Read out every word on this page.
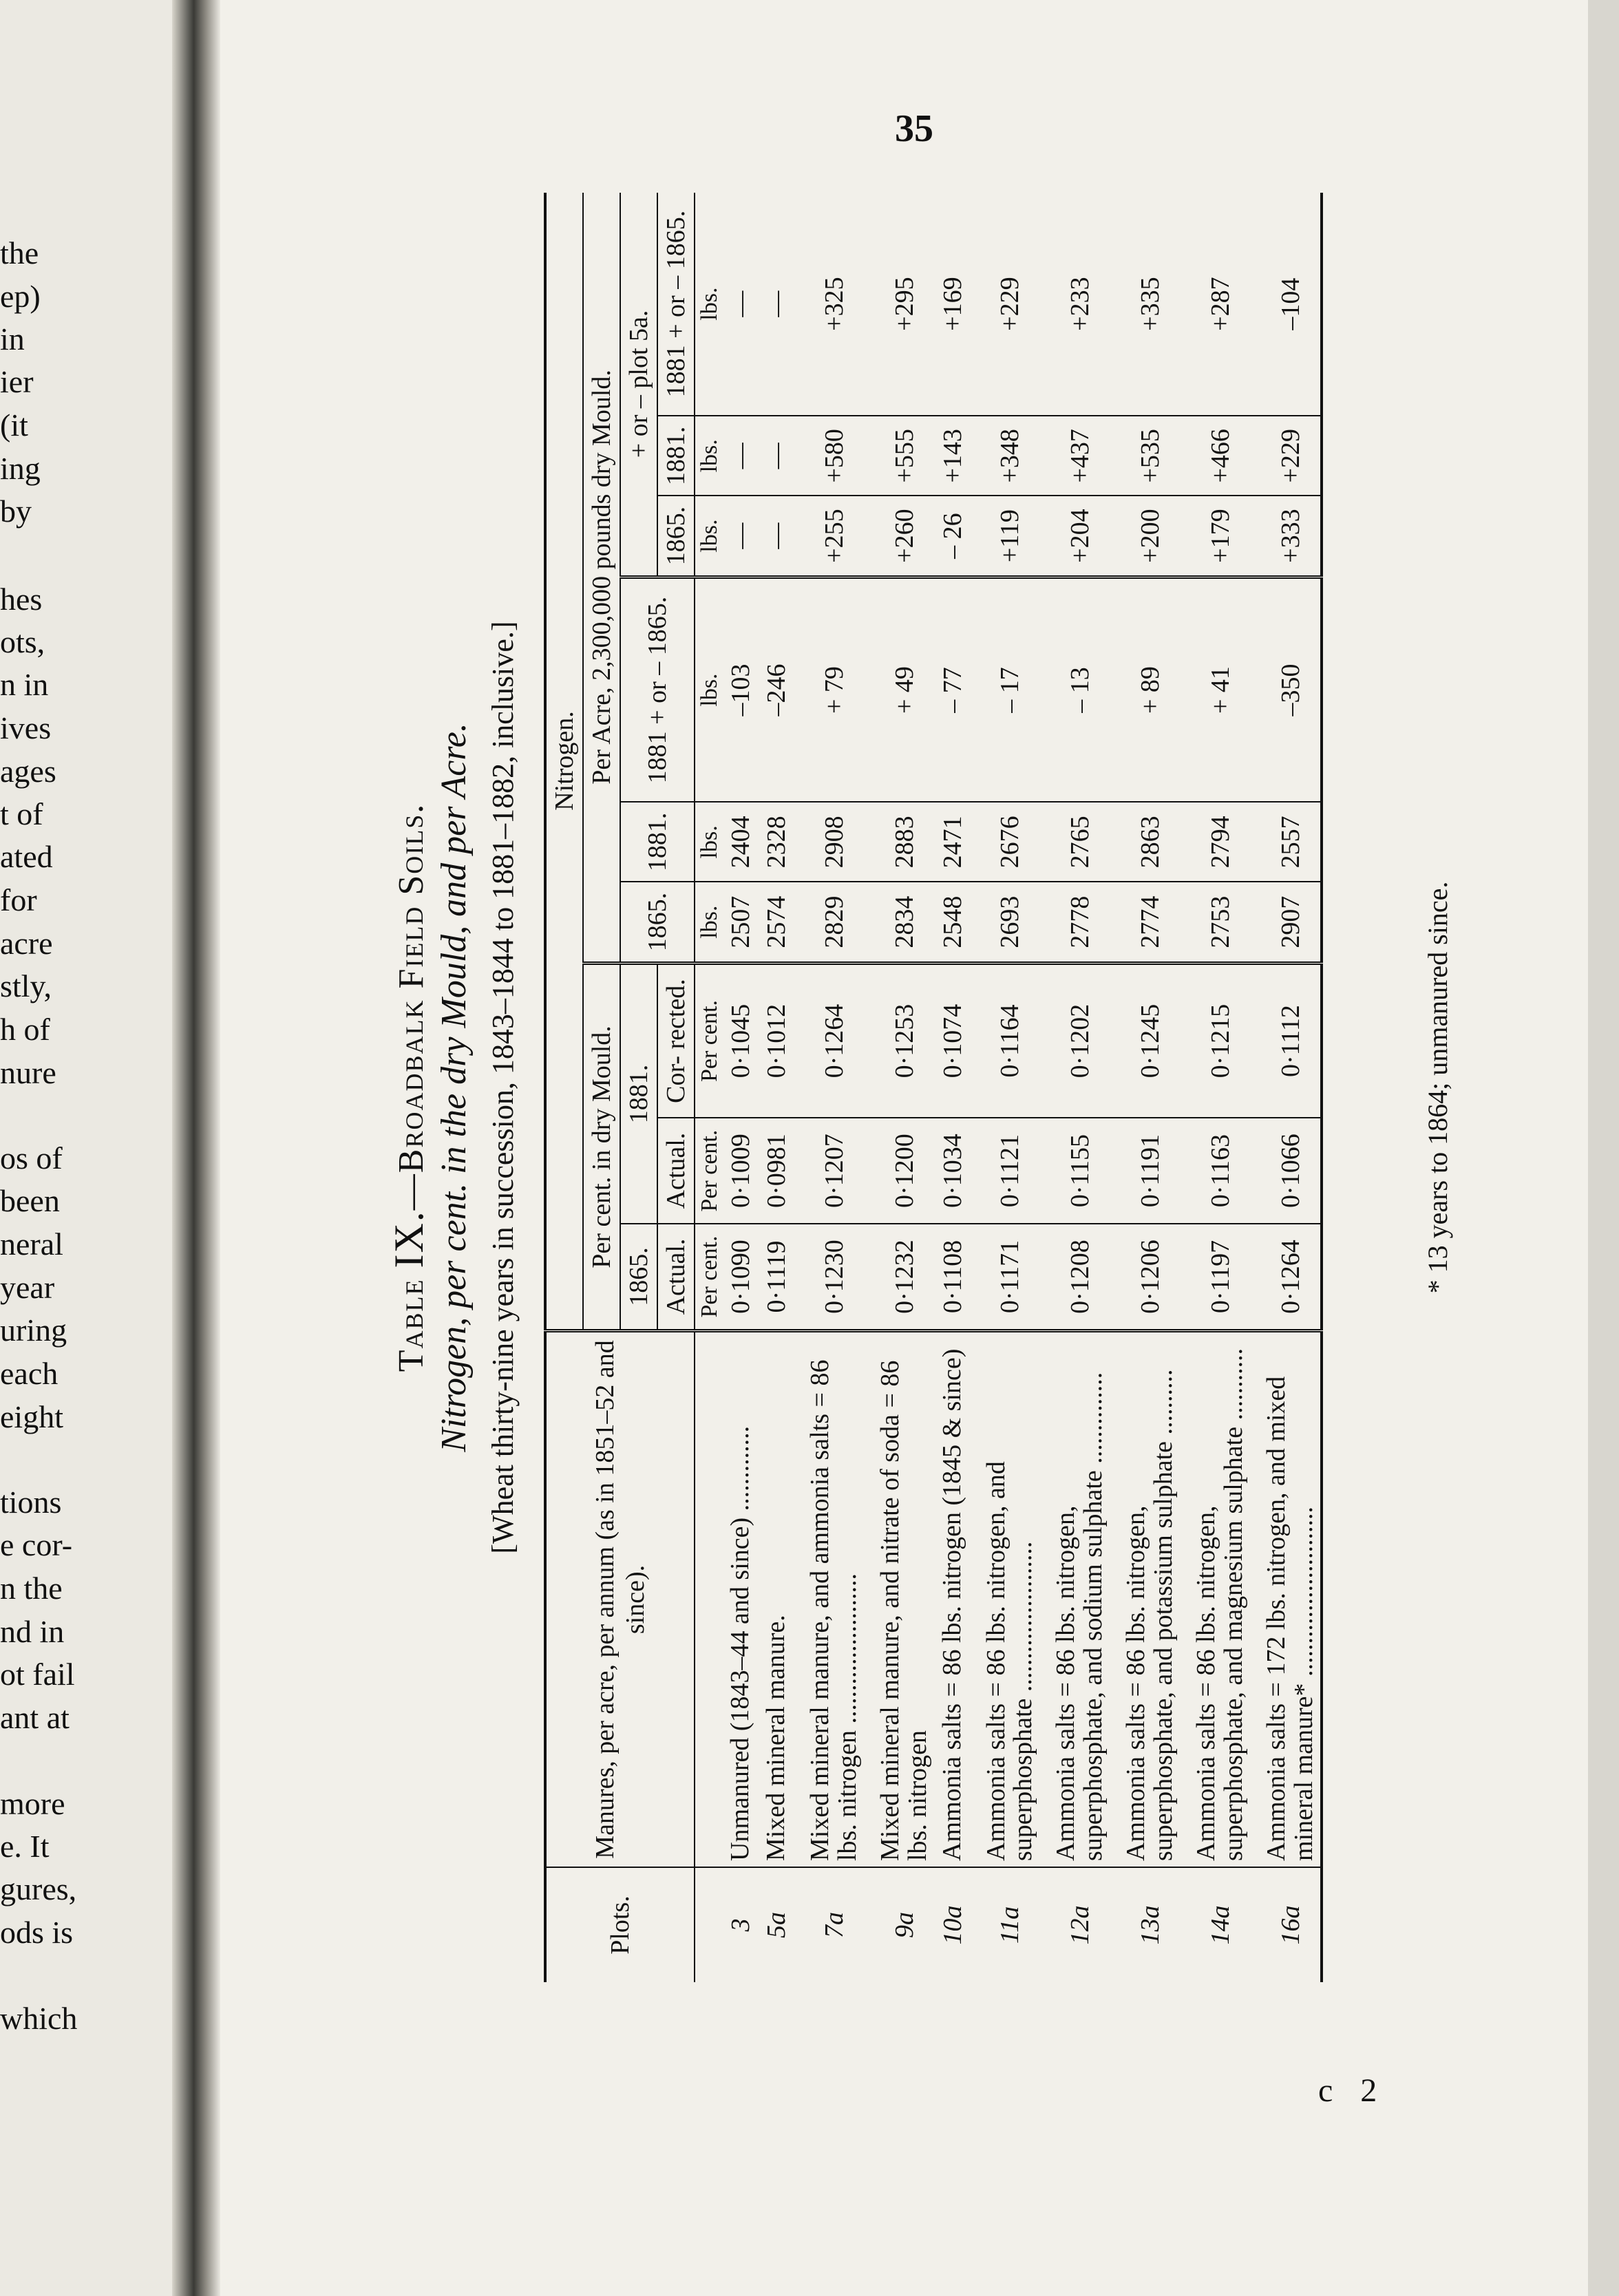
the
ep)
in
ier
(it
ing
by
hes
ots,
n in
ives
ages
t of
ated
for
acre
stly,
h of
nure
os of
been
neral
year
uring
each
eight
tions
e cor-
n the
nd in
ot fail
ant at
more
e. It
gures,
ods is
which
35
Table IX.—Broadbalk Field Soils. Nitrogen, per cent. in the dry Mould, and per Acre. [Wheat thirty-nine years in succession, 1843–1844 to 1881–1882, inclusive.]
Plots.	Manures, per acre, per annum (as in 1851–52 and since).	Nitrogen.								
		Per cent. in dry Mould.			Per Acre, 2,300,000 pounds dry Mould.					
		1865.	1881.		1865.	1881.	1881 + or – 1865.	+ or – plot 5a.		
		Actual.	Actual.	Cor- rected.				1865.	1881.	1881 + or – 1865.
		Per cent.	Per cent.	Per cent.	lbs.	lbs.	lbs.	lbs.	lbs.	lbs.
3	Unmanured (1843–44 and since) .............	0·1090	0·1009	0·1045	2507	2404	–103	—	—	—
5a	Mixed mineral manure.	0·1119	0·0981	0·1012	2574	2328	–246	—	—	—
7a	Mixed mineral manure, and ammonia salts = 86 lbs. nitrogen .......................	0·1230	0·1207	0·1264	2829	2908	+ 79	+255	+580	+325
9a	Mixed mineral manure, and nitrate of soda = 86 lbs. nitrogen	0·1232	0·1200	0·1253	2834	2883	+ 49	+260	+555	+295
10a	Ammonia salts = 86 lbs. nitrogen (1845 & since)	0·1108	0·1034	0·1074	2548	2471	– 77	– 26	+143	+169
11a	Ammonia salts = 86 lbs. nitrogen, and superphosphate .......................	0·1171	0·1121	0·1164	2693	2676	– 17	+119	+348	+229
12a	Ammonia salts = 86 lbs. nitrogen, superphosphate, and sodium sulphate ..............	0·1208	0·1155	0·1202	2778	2765	– 13	+204	+437	+233
13a	Ammonia salts = 86 lbs. nitrogen, superphosphate, and potassium sulphate ..........	0·1206	0·1191	0·1245	2774	2863	+ 89	+200	+535	+335
14a	Ammonia salts = 86 lbs. nitrogen, superphosphate, and magnesium sulphate ...........	0·1197	0·1163	0·1215	2753	2794	+ 41	+179	+466	+287
16a	Ammonia salts = 172 lbs. nitrogen, and mixed mineral manure* ..........................	0·1264	0·1066	0·1112	2907	2557	–350	+333	+229	–104
* 13 years to 1864; unmanured since.
c 2
